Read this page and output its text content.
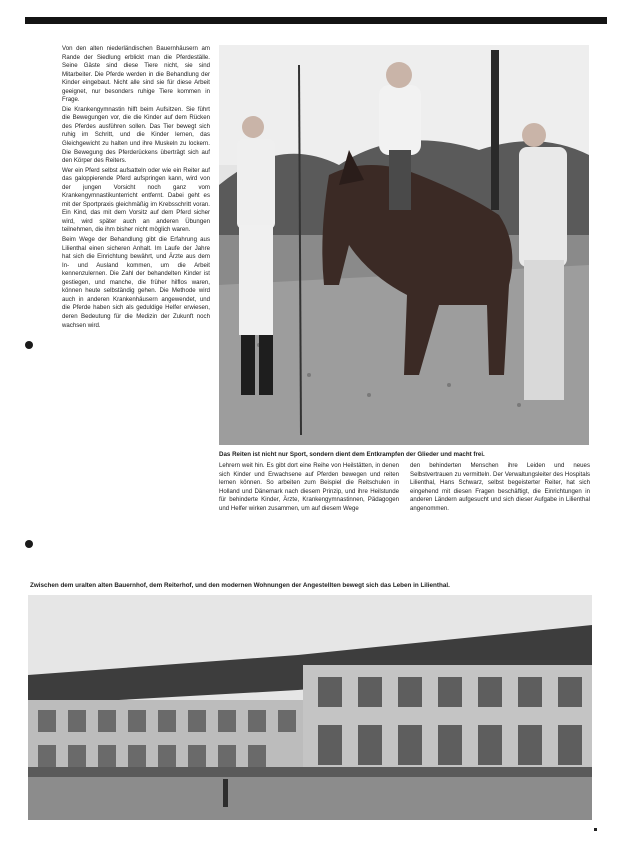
Von den alten niederländischen Bauernhäusern am Rande der Siedlung erblickt man die Pferdeställe. Seine Gäste sind diese Tiere nicht, sie sind Mitarbeiter. Die Pferde werden in die Behandlung der Kinder eingebaut. Nicht alle sind sie für diese Arbeit geeignet, nur besonders ruhige Tiere kommen in Frage.

Die Krankengymnastin hilft beim Aufsitzen. Sie führt die Bewegungen vor, die die Kinder auf dem Rücken des Pferdes ausführen sollen. Das Tier bewegt sich ruhig im Schritt, und die Kinder lernen, das Gleichgewicht zu halten und ihre Muskeln zu lockern. Die Bewegung des Pferderückens überträgt sich auf den Körper des Reiters.

Wer ein Pferd selbst aufsatteln oder wie ein Reiter auf das galoppierende Pferd aufspringen kann, wird von der jungen Vorsicht noch ganz vom Krankengymnastikunterricht entfernt. Dabei geht es mit der Sportpraxis gleichmäßig im Krebsschritt voran. Ein Kind, das mit dem Vorsitz auf dem Pferd sicher wird, wird später auch an anderen Übungen teilnehmen, die ihm bisher nicht möglich waren.

Beim Wege der Behandlung gibt die Erfahrung aus Lilienthal einen sicheren Anhalt. Im Laufe der Jahre hat sich die Einrichtung bewährt, und Ärzte aus dem In- und Ausland kommen, um die Arbeit kennenzulernen. Die Zahl der behandelten Kinder ist gestiegen, und manche, die früher hilflos waren, können heute selbständig gehen. Die Methode wird auch in anderen Krankenhäusern angewendet, und die Pferde haben sich als geduldige Helfer erwiesen, deren Bedeutung für die Medizin der Zukunft noch wachsen wird.

Das Reiten ist nicht nur Sport, sondern dient dem Entkrampfen der Glieder und macht frei.
Lehrern weit hin. Es gibt dort eine Reihe von Heilstätten, in denen sich Kinder und Erwachsene auf Pferden bewegen und reiten lernen können. So arbeiten zum Beispiel die Reitschulen in Holland und Dänemark nach diesem Prinzip, und ihre Heilstunde für behinderte Kinder, Ärzte, Krankengymnastinnen, Pädagogen und Helfer wirken zusammen, um auf diesem Wege
den behinderten Menschen ihre Leiden und neues Selbstvertrauen zu vermitteln. Der Verwaltungsleiter des Hospitals Lilienthal, Hans Schwarz, selbst begeisterter Reiter, hat sich eingehend mit diesen Fragen beschäftigt, die Einrichtungen in anderen Ländern aufgesucht und sich dieser Aufgabe in Lilienthal angenommen.
Zwischen dem uralten alten Bauernhof, dem Reiterhof, und den modernen Wohnungen der Angestellten bewegt sich das Leben in Lilienthal.
